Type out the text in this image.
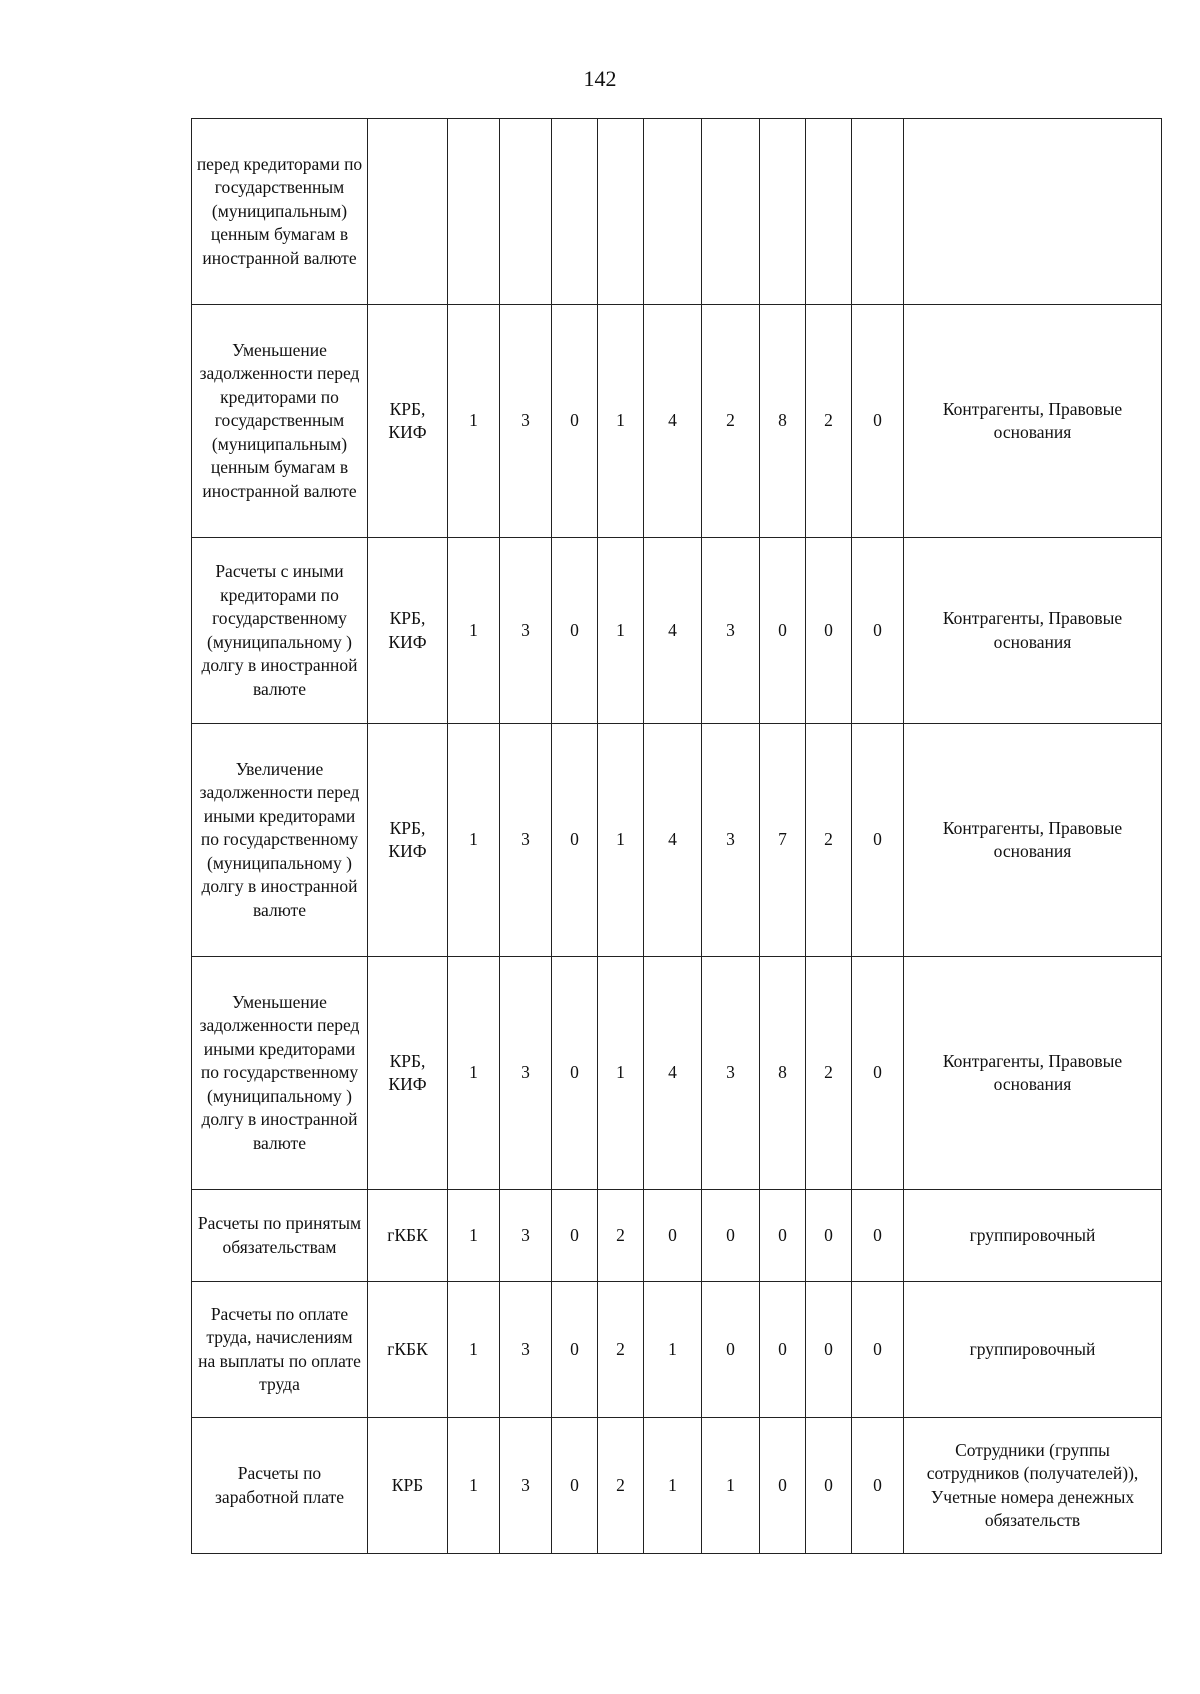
142
перед кредиторами по государственным (муниципальным) ценным бумагам в иностранной валюте											
Уменьшение задолженности перед кредиторами по государственным (муниципальным) ценным бумагам в иностранной валюте	КРБ, КИФ	1	3	0	1	4	2	8	2	0	Контрагенты, Правовые основания
Расчеты с иными кредиторами по государственному (муниципальному ) долгу в иностранной валюте	КРБ, КИФ	1	3	0	1	4	3	0	0	0	Контрагенты, Правовые основания
Увеличение задолженности перед иными кредиторами по государственному (муниципальному ) долгу в иностранной валюте	КРБ, КИФ	1	3	0	1	4	3	7	2	0	Контрагенты, Правовые основания
Уменьшение задолженности перед иными кредиторами по государственному (муниципальному ) долгу в иностранной валюте	КРБ, КИФ	1	3	0	1	4	3	8	2	0	Контрагенты, Правовые основания
Расчеты по принятым обязательствам	гКБК	1	3	0	2	0	0	0	0	0	группировочный
Расчеты по оплате труда, начислениям на выплаты по оплате труда	гКБК	1	3	0	2	1	0	0	0	0	группировочный
Расчеты по заработной плате	КРБ	1	3	0	2	1	1	0	0	0	Сотрудники (группы сотрудников (получателей)), Учетные номера денежных обязательств
